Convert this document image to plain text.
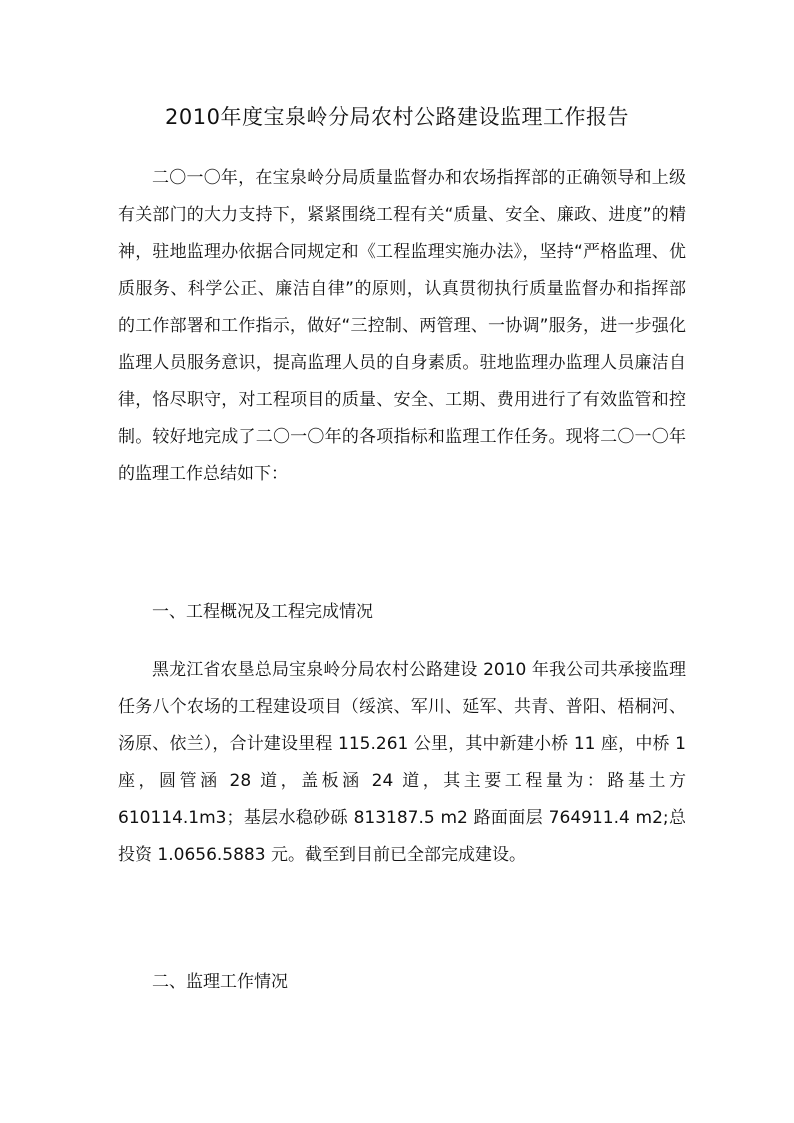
2010年度宝泉岭分局农村公路建设监理工作报告

二〇一〇年，在宝泉岭分局质量监督办和农场指挥部的正确领导和上级有关部门的大力支持下，紧紧围绕工程有关“质量、安全、廉政、进度”的精神，驻地监理办依据合同规定和《工程监理实施办法》，坚持“严格监理、优质服务、科学公正、廉洁自律”的原则，认真贯彻执行质量监督办和指挥部的工作部署和工作指示，做好“三控制、两管理、一协调”服务，进一步强化监理人员服务意识，提高监理人员的自身素质。驻地监理办监理人员廉洁自律，恪尽职守，对工程项目的质量、安全、工期、费用进行了有效监管和控制。较好地完成了二〇一〇年的各项指标和监理工作任务。现将二〇一〇年的监理工作总结如下：

一、工程概况及工程完成情况

黑龙江省农垦总局宝泉岭分局农村公路建设 2010 年我公司共承接监理任务八个农场的工程建设项目（绥滨、军川、延军、共青、普阳、梧桐河、汤原、依兰），合计建设里程 115.261 公里，其中新建小桥 11 座，中桥 1 座，圆管涵 28 道，盖板涵 24 道，其主要工程量为：路基土方 610114.1m3；基层水稳砂砾 813187.5 m2 路面面层 764911.4 m2;总投资 1.0656.5883 元。截至到目前已全部完成建设。

二、监理工作情况
